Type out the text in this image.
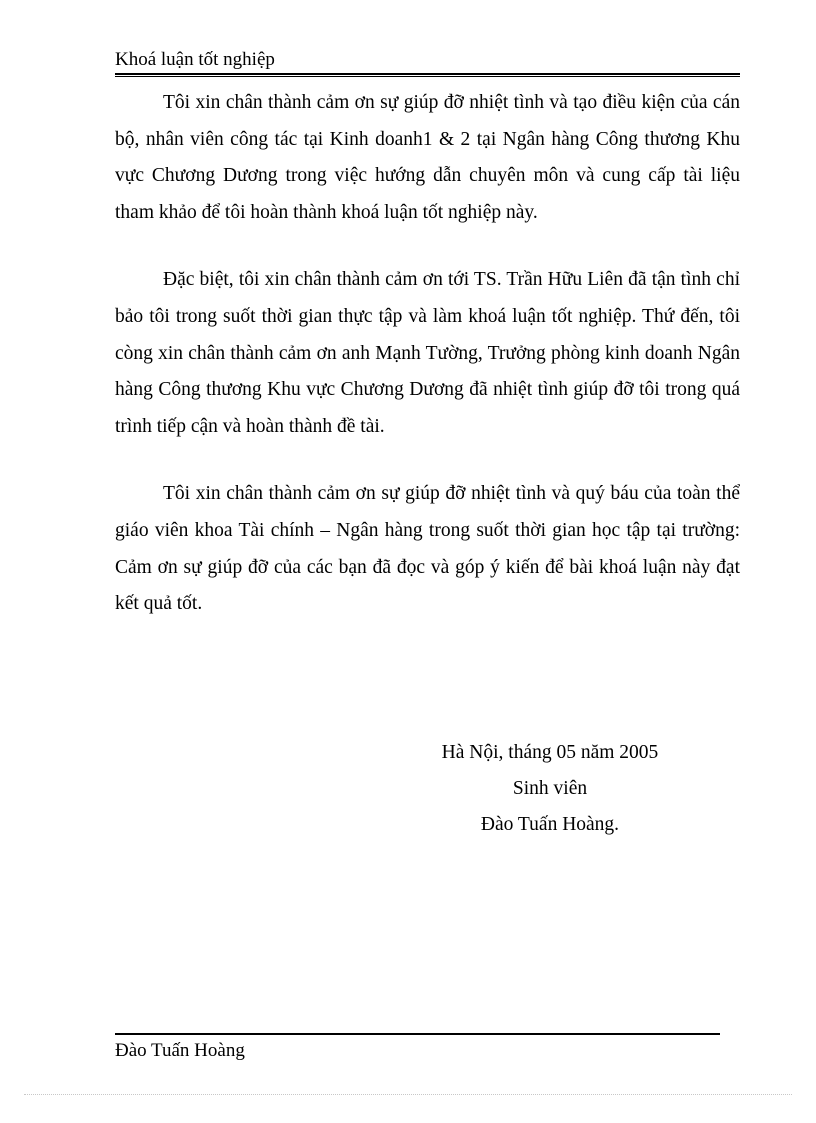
Khoá luận tốt nghiệp

Tôi xin chân thành cảm ơn sự giúp đỡ nhiệt tình và tạo điều kiện của cán bộ, nhân viên công tác tại Kinh doanh1 & 2 tại Ngân hàng Công thương Khu vực Chương Dương trong việc hướng dẫn chuyên môn và cung cấp tài liệu tham khảo để tôi hoàn thành khoá luận tốt nghiệp này.

Đặc biệt, tôi xin chân thành cảm ơn tới TS. Trần Hữu Liên đã tận tình chỉ bảo tôi trong suốt thời gian thực tập và làm khoá luận tốt nghiệp. Thứ đến, tôi còng xin chân thành cảm ơn anh Mạnh Tường, Trưởng phòng kinh doanh Ngân hàng Công thương Khu vực Chương Dương đã nhiệt tình giúp đỡ tôi trong quá trình tiếp cận và hoàn thành đề tài.

Tôi xin chân thành cảm ơn sự giúp đỡ nhiệt tình và quý báu của toàn thể giáo viên khoa Tài chính – Ngân hàng trong suốt thời gian học tập tại trường: Cảm ơn sự giúp đỡ của các bạn đã đọc và góp ý kiến để bài khoá luận này đạt kết quả tốt.

Hà Nội, tháng 05 năm 2005
Sinh viên
Đào Tuấn Hoàng.
Đào Tuấn Hoàng
